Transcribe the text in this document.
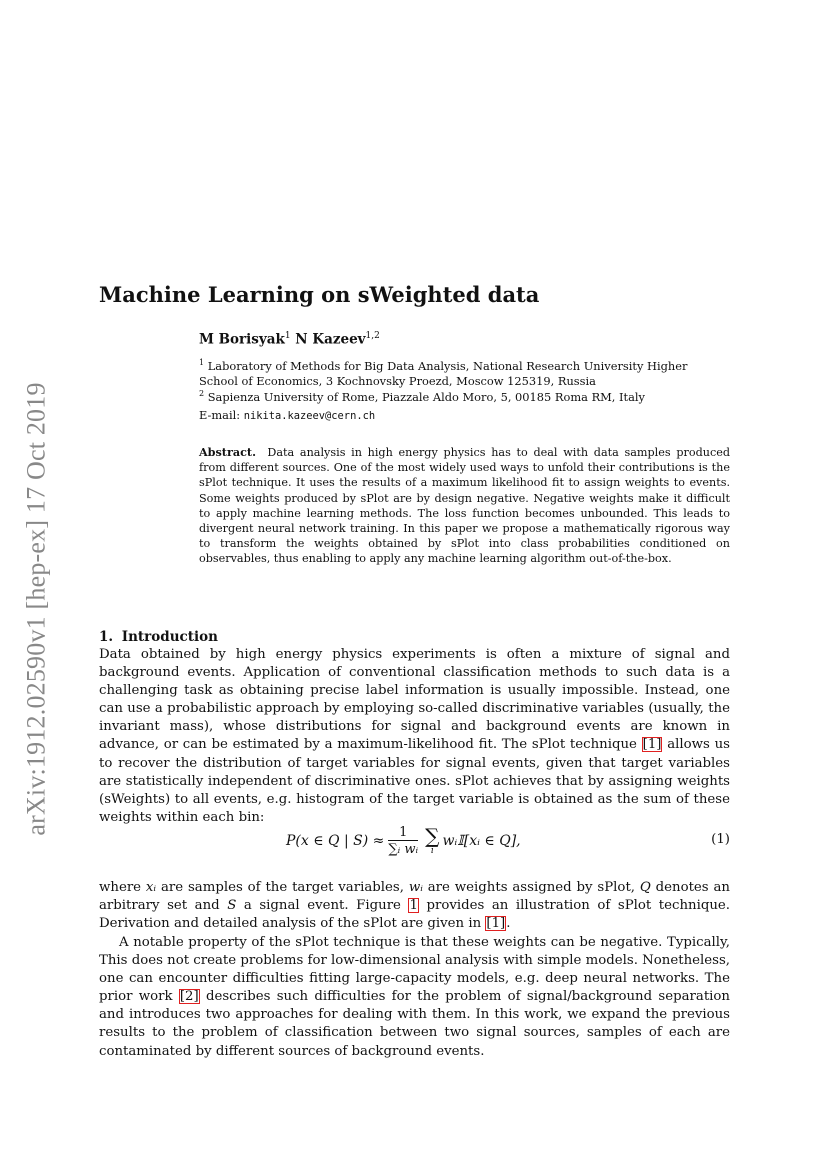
arXiv:1912.02590v1 [hep-ex] 17 Oct 2019
Machine Learning on sWeighted data
M Borisyak$^1$ N Kazeev$^{1,2}$
$^1$ Laboratory of Methods for Big Data Analysis, National Research University Higher School of Economics, 3 Kochnovsky Proezd, Moscow 125319, Russia
$^2$ Sapienza University of Rome, Piazzale Aldo Moro, 5, 00185 Roma RM, Italy
E-mail: nikita.kazeev@cern.ch

Abstract. Data analysis in high energy physics has to deal with data samples produced from different sources. One of the most widely used ways to unfold their contributions is the sPlot technique. It uses the results of a maximum likelihood fit to assign weights to events. Some weights produced by sPlot are by design negative. Negative weights make it difficult to apply machine learning methods. The loss function becomes unbounded. This leads to divergent neural network training. In this paper we propose a mathematically rigorous way to transform the weights obtained by sPlot into class probabilities conditioned on observables, thus enabling to apply any machine learning algorithm out-of-the-box.

1. Introduction

Data obtained by high energy physics experiments is often a mixture of signal and background events. Application of conventional classification methods to such data is a challenging task as obtaining precise label information is usually impossible. Instead, one can use a probabilistic approach by employing so-called discriminative variables (usually, the invariant mass), whose distributions for signal and background events are known in advance, or can be estimated by a maximum-likelihood fit. The sPlot technique [1] allows us to recover the distribution of target variables for signal events, given that target variables are statistically independent of discriminative ones. sPlot achieves that by assigning weights (sWeights) to all events, e.g. histogram of the target variable is obtained as the sum of these weights within each bin:

P(x ∈ Q | $S) \approx \frac{1}{\text{∑ᵢ wᵢ}}$ ∑
i
wᵢ𝕀[xᵢ ∈ Q],	(1)

where xᵢ are samples of the target variables, wᵢ are weights assigned by sPlot, Q denotes an arbitrary set and S a signal event. Figure 1 provides an illustration of sPlot technique. Derivation and detailed analysis of the sPlot are given in [1].

A notable property of the sPlot technique is that these weights can be negative. Typically, This does not create problems for low-dimensional analysis with simple models. Nonetheless, one can encounter difficulties fitting large-capacity models, e.g. deep neural networks. The prior work [2] describes such difficulties for the problem of signal/background separation and introduces two approaches for dealing with them. In this work, we expand the previous results to the problem of classification between two signal sources, samples of each are contaminated by different sources of background events.
